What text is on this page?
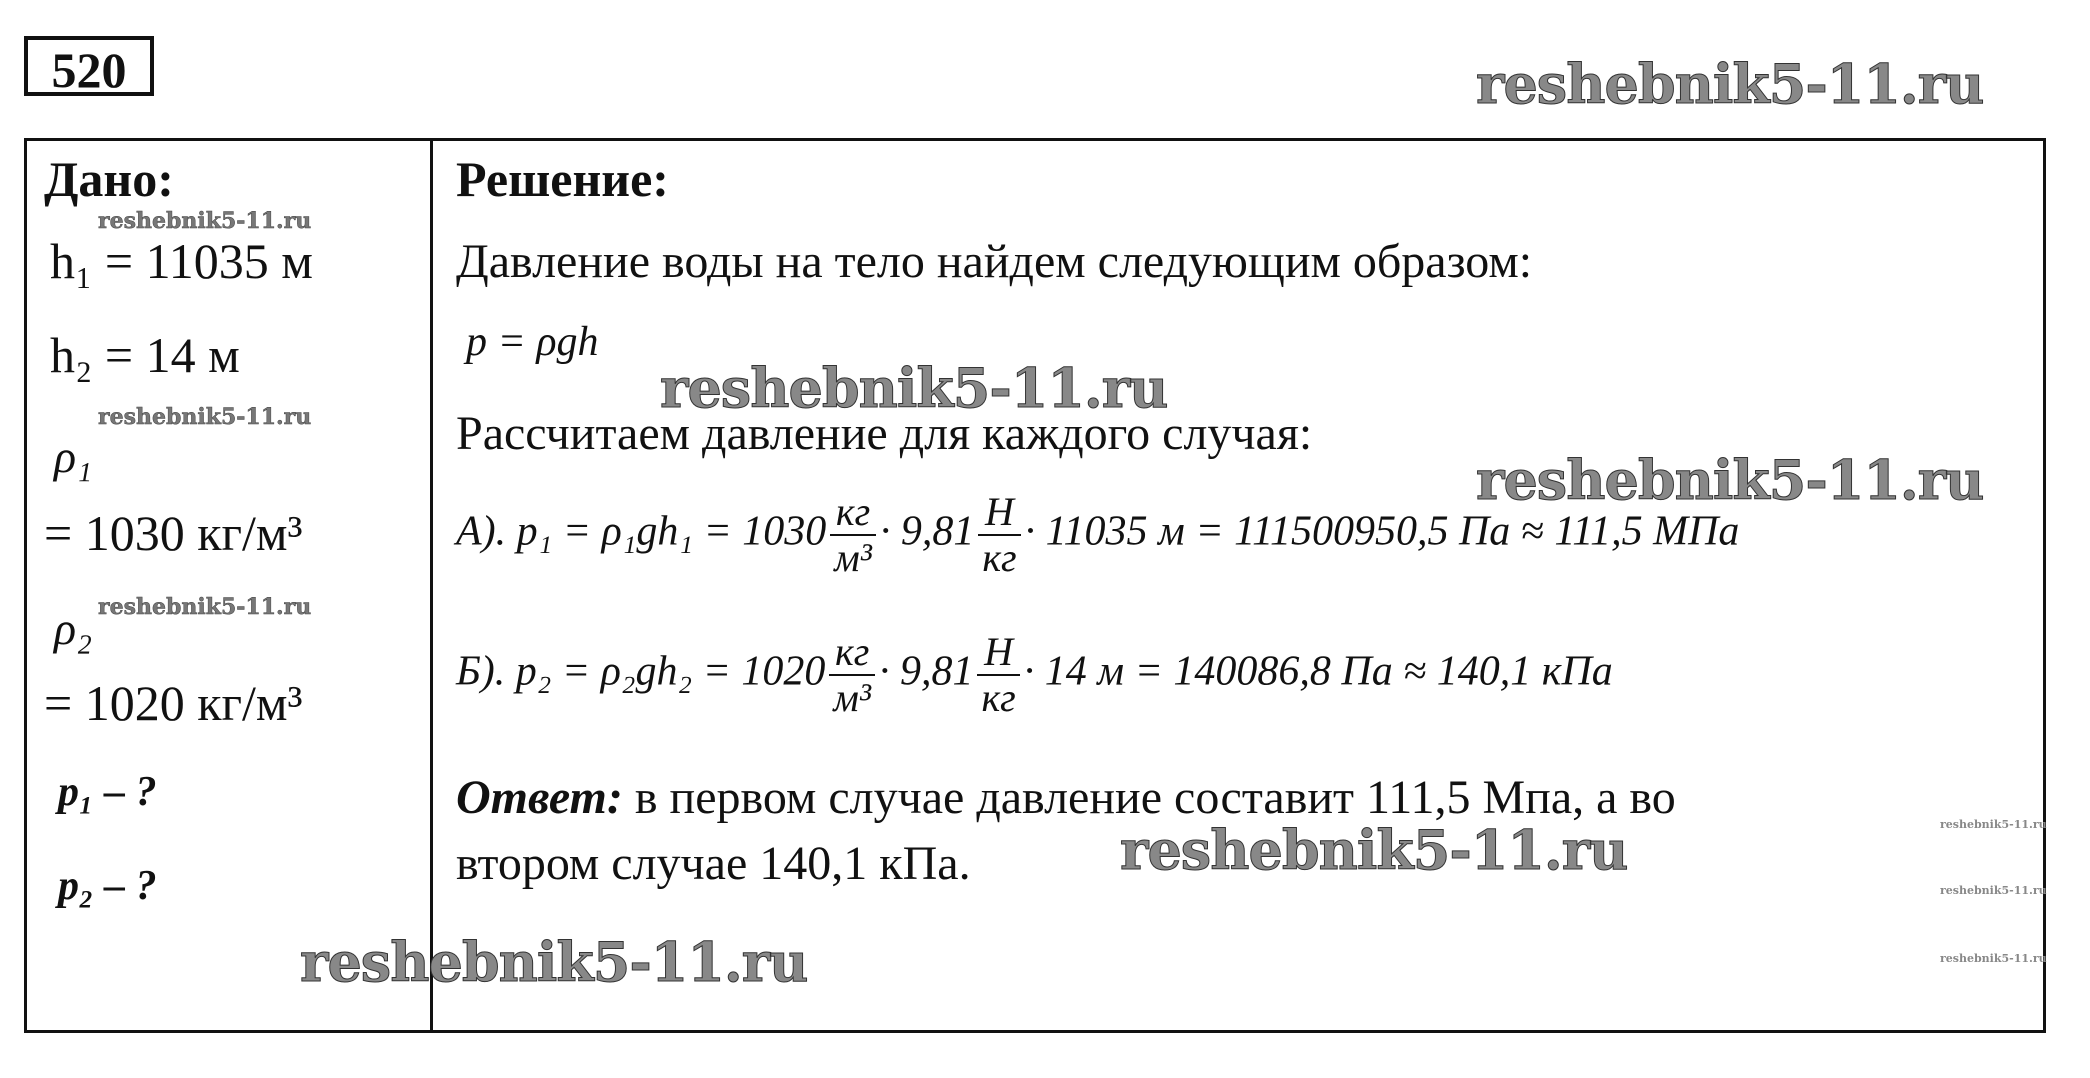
520	reshebnik5-11.ru
Дано:
reshebnik5-11.ru
h₁ = 11035 м
h₂ = 14 м
ρ₁
reshebnik5-11.ru
= 1030 кг/м³
ρ₂ reshebnik5-11.ru
= 1020 кг/м³
p₁ – ?
p₂ – ?
reshebnik5-11.ru
Решение:
Давление воды на тело найдем следующим образом:
p = ρgh
reshebnik5-11.ru
Рассчитаем давление для каждого случая:
reshebnik5-11.ru
А). $p_1 = \rho_1gh_1 = 1030 \frac{кг}{\text{м³}} \cdot 9,81 \frac{Н}{кг} \cdot 11035$ м = 111500950,5 Па ≈ 111,5 МПа
Б). $p_2 = \rho_2gh_2 = 1020 \frac{кг}{\text{м³}} \cdot 9,81 \frac{Н}{кг} \cdot 14$ м = 140086,8 Па ≈ 140,1 кПа
Ответ: в первом случае давление составит 111,5 Мпа, а во
втором случае 140,1 кПа.	reshebnik5-11.ru	reshebnik5-11.ru
reshebnik5-11.ru
reshebnik5-11.ru
